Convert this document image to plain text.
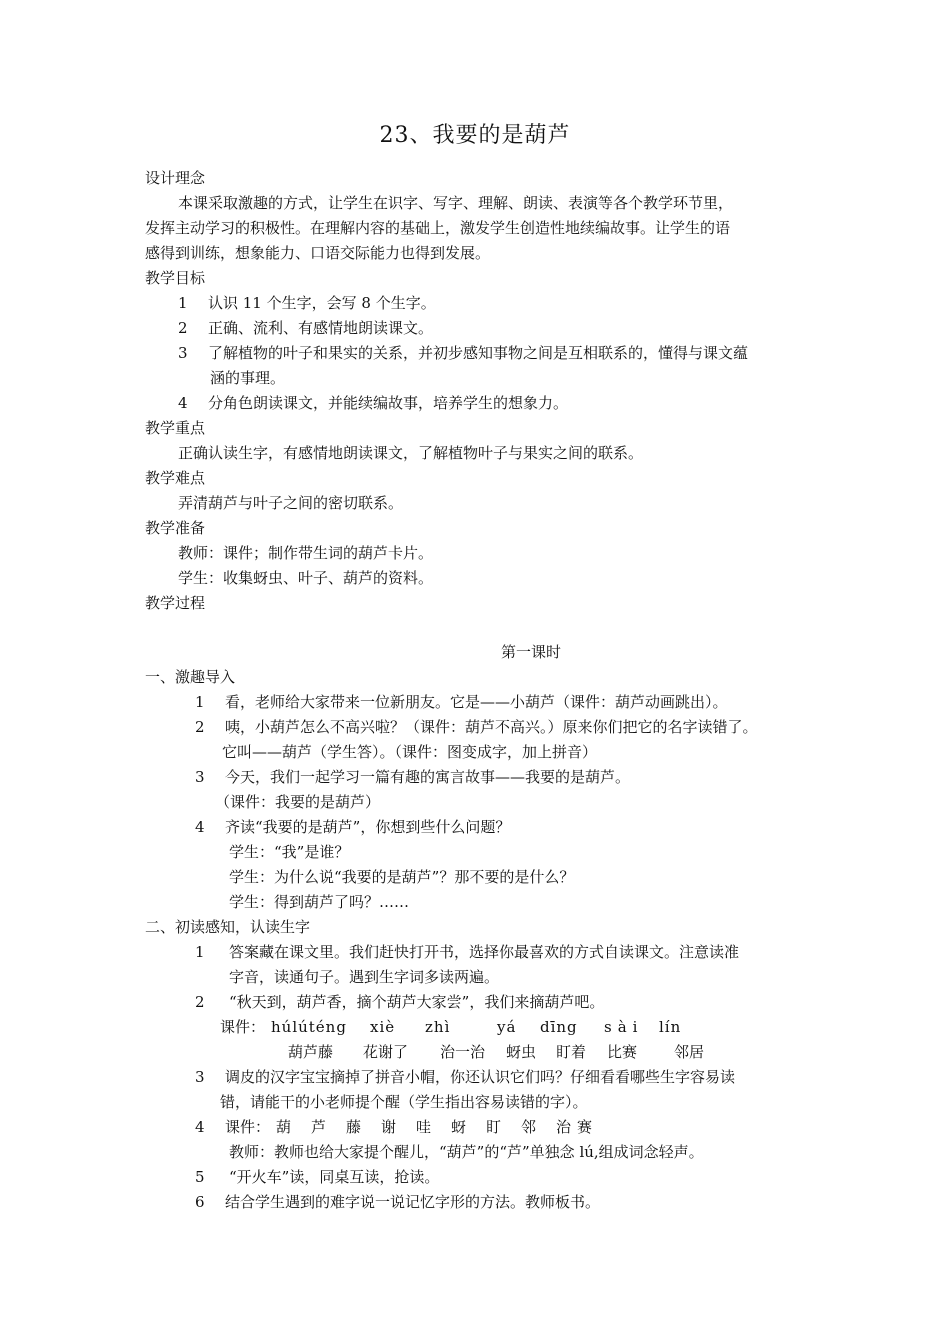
23、我要的是葫芦
设计理念
本课采取激趣的方式，让学生在识字、写字、理解、朗读、表演等各个教学环节里，
发挥主动学习的积极性。在理解内容的基础上，激发学生创造性地续编故事。让学生的语
感得到训练，想象能力、口语交际能力也得到发展。
教学目标
1 认识 11 个生字，会写 8 个生字。
2 正确、流利、有感情地朗读课文。
3 了解植物的叶子和果实的关系，并初步感知事物之间是互相联系的，懂得与课文蕴
涵的事理。
4 分角色朗读课文，并能续编故事，培养学生的想象力。
教学重点
正确认读生字，有感情地朗读课文，了解植物叶子与果实之间的联系。
教学难点
弄清葫芦与叶子之间的密切联系。
教学准备
教师：课件；制作带生词的葫芦卡片。
学生：收集蚜虫、叶子、葫芦的资料。
教学过程
第一课时
一、激趣导入
1 看，老师给大家带来一位新朋友。它是——小葫芦（课件：葫芦动画跳出）。
2 咦，小葫芦怎么不高兴啦？（课件：葫芦不高兴。）原来你们把它的名字读错了。
它叫——葫芦（学生答）。（课件：图变成字，加上拼音）
3 今天，我们一起学习一篇有趣的寓言故事——我要的是葫芦。
（课件：我要的是葫芦）
4 齐读“我要的是葫芦”，你想到些什么问题？
学生：“我”是谁？
学生：为什么说“我要的是葫芦”？那不要的是什么？
学生：得到葫芦了吗？……
二、初读感知，认读生字
1 答案藏在课文里。我们赶快打开书，选择你最喜欢的方式自读课文。注意读准
字音，读通句子。遇到生字词多读两遍。
2 “秋天到，葫芦香，摘个葫芦大家尝”，我们来摘葫芦吧。
课件： húlúténg xiè zhì	yá dīng sài lín
葫芦藤 花谢了 治一治 蚜虫 盯着 比赛 邻居
3 调皮的汉字宝宝摘掉了拼音小帽，你还认识它们吗？仔细看看哪些生字容易读
错，请能干的小老师提个醒（学生指出容易读错的字）。
4 课件： 葫 芦 藤 谢 哇 蚜 盯 邻 治 赛
教师：教师也给大家提个醒儿，“葫芦”的“芦”单独念 lú,组成词念轻声。
5 “开火车”读，同桌互读，抢读。
6 结合学生遇到的难字说一说记忆字形的方法。教师板书。
